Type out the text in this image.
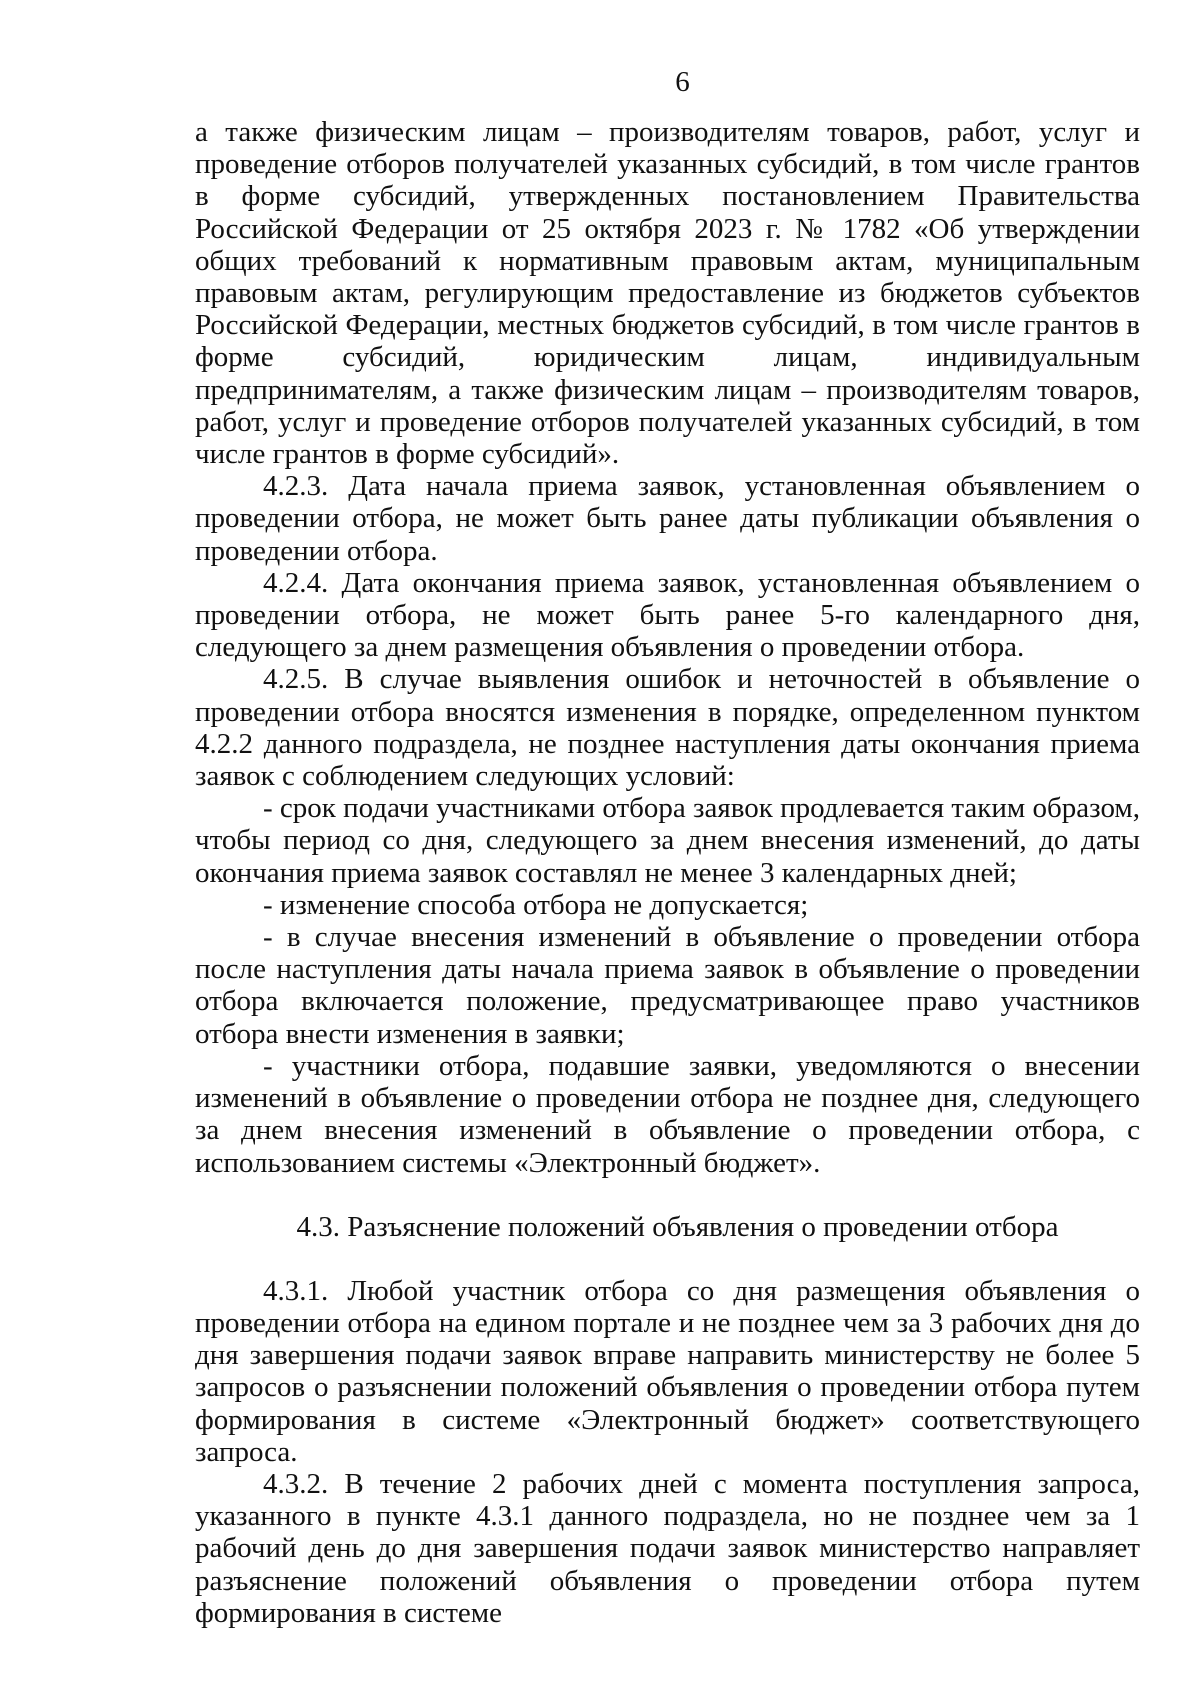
6

а также физическим лицам – производителям товаров, работ, услуг и проведение отборов получателей указанных субсидий, в том числе грантов в форме субсидий, утвержденных постановлением Правительства Российской Федерации от 25 октября 2023 г. № 1782 «Об утверждении общих требований к нормативным правовым актам, муниципальным правовым актам, регулирующим предоставление из бюджетов субъектов Российской Федерации, местных бюджетов субсидий, в том числе грантов в форме субсидий, юридическим лицам, индивидуальным предпринимателям, а также физическим лицам – производителям товаров, работ, услуг и проведение отборов получателей указанных субсидий, в том числе грантов в форме субсидий».

4.2.3. Дата начала приема заявок, установленная объявлением о проведении отбора, не может быть ранее даты публикации объявления о проведении отбора.

4.2.4. Дата окончания приема заявок, установленная объявлением о проведении отбора, не может быть ранее 5-го календарного дня, следующего за днем размещения объявления о проведении отбора.

4.2.5. В случае выявления ошибок и неточностей в объявление о проведении отбора вносятся изменения в порядке, определенном пунктом 4.2.2 данного подраздела, не позднее наступления даты окончания приема заявок с соблюдением следующих условий:

- срок подачи участниками отбора заявок продлевается таким образом, чтобы период со дня, следующего за днем внесения изменений, до даты окончания приема заявок составлял не менее 3 календарных дней;

- изменение способа отбора не допускается;

- в случае внесения изменений в объявление о проведении отбора после наступления даты начала приема заявок в объявление о проведении отбора включается положение, предусматривающее право участников отбора внести изменения в заявки;

- участники отбора, подавшие заявки, уведомляются о внесении изменений в объявление о проведении отбора не позднее дня, следующего за днем внесения изменений в объявление о проведении отбора, с использованием системы «Электронный бюджет».

4.3. Разъяснение положений объявления о проведении отбора

4.3.1. Любой участник отбора со дня размещения объявления о проведении отбора на едином портале и не позднее чем за 3 рабочих дня до дня завершения подачи заявок вправе направить министерству не более 5 запросов о разъяснении положений объявления о проведении отбора путем формирования в системе «Электронный бюджет» соответствующего запроса.

4.3.2. В течение 2 рабочих дней с момента поступления запроса, указанного в пункте 4.3.1 данного подраздела, но не позднее чем за 1 рабочий день до дня завершения подачи заявок министерство направляет разъяснение положений объявления о проведении отбора путем формирования в системе
